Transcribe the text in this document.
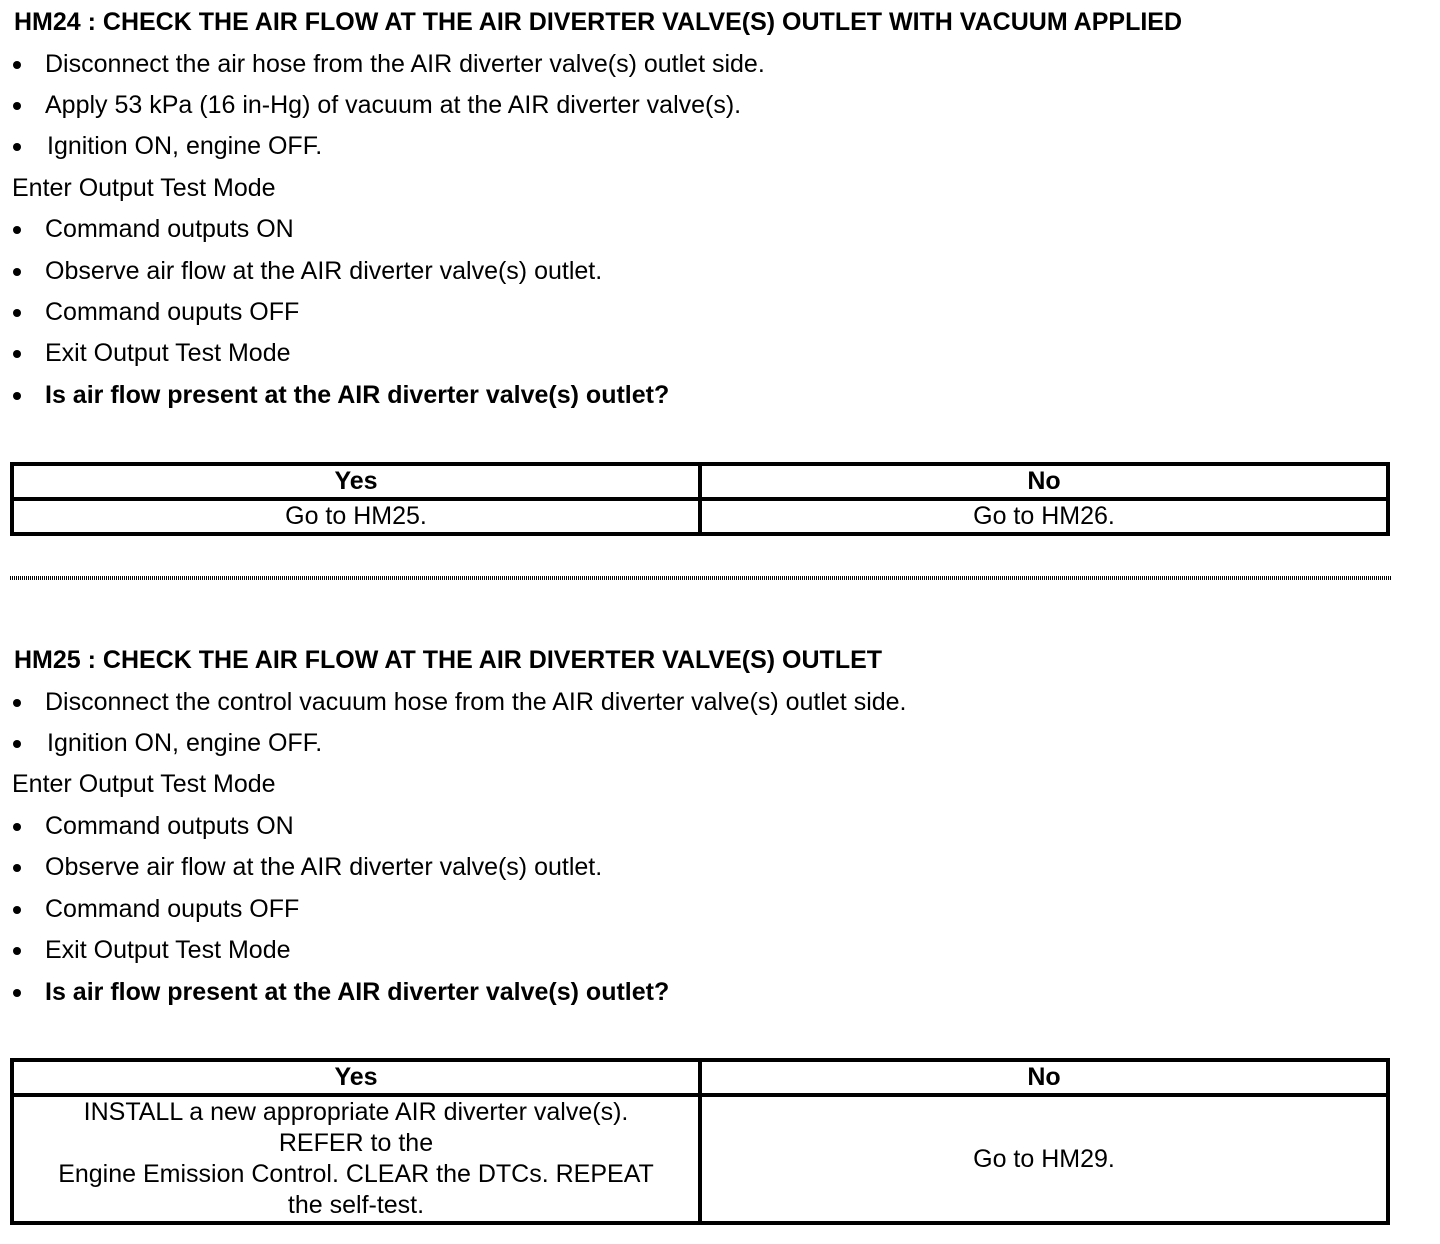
HM24 : CHECK THE AIR FLOW AT THE AIR DIVERTER VALVE(S) OUTLET WITH VACUUM APPLIED
Disconnect the air hose from the AIR diverter valve(s) outlet side.
Apply 53 kPa (16 in-Hg) of vacuum at the AIR diverter valve(s).
Ignition ON, engine OFF.
Enter Output Test Mode
Command outputs ON
Observe air flow at the AIR diverter valve(s) outlet.
Command ouputs OFF
Exit Output Test Mode
Is air flow present at the AIR diverter valve(s) outlet?
Yes	No
Go to HM25.	Go to HM26.
HM25 : CHECK THE AIR FLOW AT THE AIR DIVERTER VALVE(S) OUTLET
Disconnect the control vacuum hose from the AIR diverter valve(s) outlet side.
Ignition ON, engine OFF.
Enter Output Test Mode
Command outputs ON
Observe air flow at the AIR diverter valve(s) outlet.
Command ouputs OFF
Exit Output Test Mode
Is air flow present at the AIR diverter valve(s) outlet?
Yes	No
INSTALL a new appropriate AIR diverter valve(s).
REFER to the
Engine Emission Control. CLEAR the DTCs. REPEAT
the self-test.	Go to HM29.
